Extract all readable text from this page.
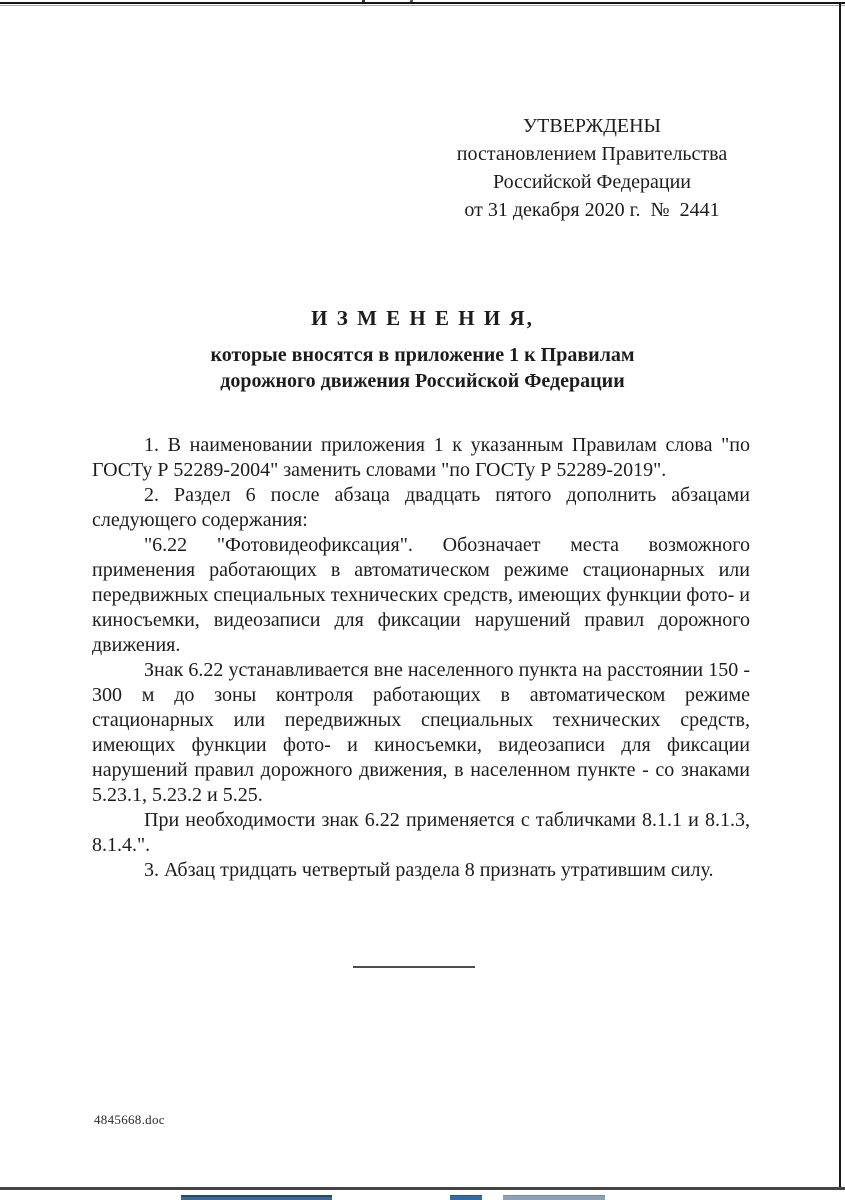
УТВЕРЖДЕНЫ
постановлением Правительства
Российской Федерации
от 31 декабря 2020 г.  №  2441
И З М Е Н Е Н И Я,
которые вносятся в приложение 1 к Правилам
дорожного движения Российской Федерации

1. В наименовании приложения 1 к указанным Правилам слова "по ГОСТу Р 52289-2004" заменить словами "по ГОСТу Р 52289-2019".

2. Раздел 6 после абзаца двадцать пятого дополнить абзацами следующего содержания:

"6.22 "Фотовидеофиксация". Обозначает места возможного применения работающих в автоматическом режиме стационарных или передвижных специальных технических средств, имеющих функции фото- и киносъемки, видеозаписи для фиксации нарушений правил дорожного движения.

Знак 6.22 устанавливается вне населенного пункта на расстоянии 150 - 300 м до зоны контроля работающих в автоматическом режиме стационарных или передвижных специальных технических средств, имеющих функции фото- и киносъемки, видеозаписи для фиксации нарушений правил дорожного движения, в населенном пункте - со знаками 5.23.1, 5.23.2 и 5.25.

При необходимости знак 6.22 применяется с табличками 8.1.1 и 8.1.3, 8.1.4.".

3. Абзац тридцать четвертый раздела 8 признать утратившим силу.

4845668.doc
